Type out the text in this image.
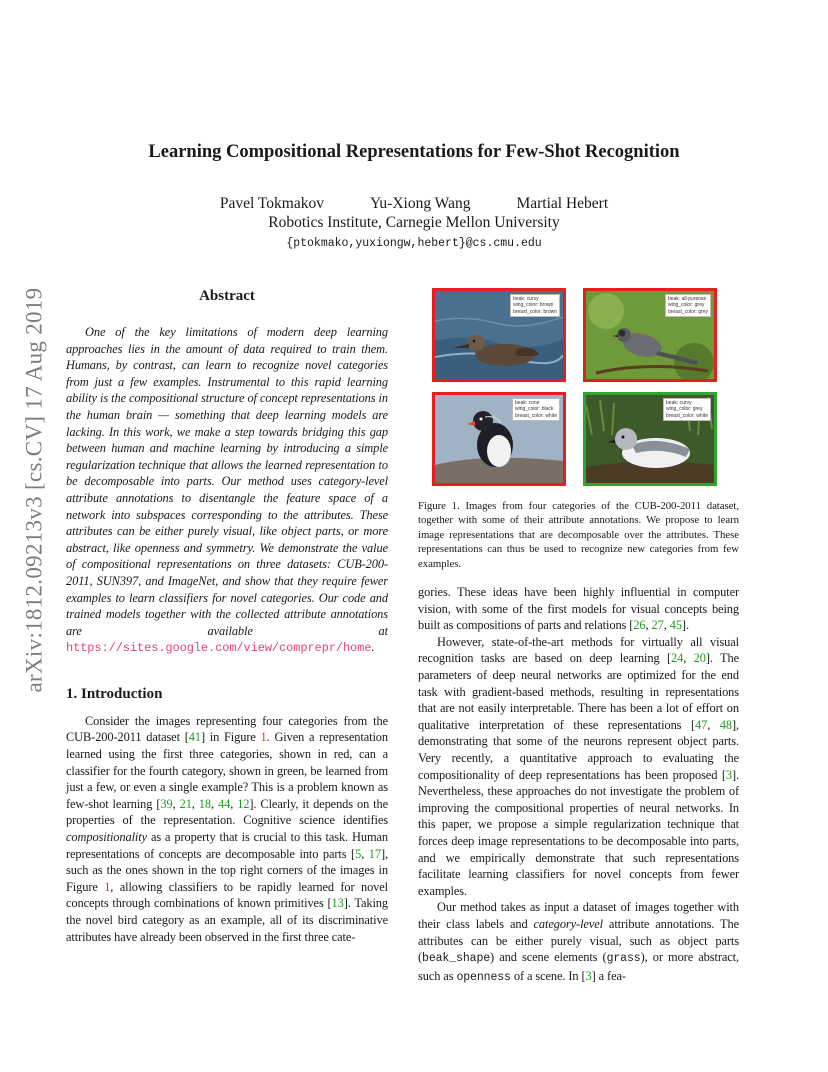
arXiv:1812.09213v3 [cs.CV] 17 Aug 2019
Learning Compositional Representations for Few-Shot Recognition
Pavel Tokmakov	Yu-Xiong Wang	Martial Hebert
Robotics Institute, Carnegie Mellon University
{ptokmako,yuxiongw,hebert}@cs.cmu.edu
Abstract

One of the key limitations of modern deep learning approaches lies in the amount of data required to train them. Humans, by contrast, can learn to recognize novel categories from just a few examples. Instrumental to this rapid learning ability is the compositional structure of concept representations in the human brain — something that deep learning models are lacking. In this work, we make a step towards bridging this gap between human and machine learning by introducing a simple regularization technique that allows the learned representation to be decomposable into parts. Our method uses category-level attribute annotations to disentangle the feature space of a network into subspaces corresponding to the attributes. These attributes can be either purely visual, like object parts, or more abstract, like openness and symmetry. We demonstrate the value of compositional representations on three datasets: CUB-200-2011, SUN397, and ImageNet, and show that they require fewer examples to learn classifiers for novel categories. Our code and trained models together with the collected attribute annotations are available at https://sites.google.com/view/comprepr/home.

1. Introduction

Consider the images representing four categories from the CUB-200-2011 dataset [41] in Figure 1. Given a representation learned using the first three categories, shown in red, can a classifier for the fourth category, shown in green, be learned from just a few, or even a single example? This is a problem known as few-shot learning [39, 21, 18, 44, 12]. Clearly, it depends on the properties of the representation. Cognitive science identifies compositionality as a property that is crucial to this task. Human representations of concepts are decomposable into parts [5, 17], such as the ones shown in the top right corners of the images in Figure 1, allowing classifiers to be rapidly learned for novel concepts through combinations of known primitives [13]. Taking the novel bird category as an example, all of its discriminative attributes have already been observed in the first three cate-

beak: curvy
wing_color: brown
breast_color: brown
beak: all-purpose
wing_color: grey
breast_color: grey
beak: cone
wing_color: black
breast_color: white
beak: curvy
wing_color: grey
breast_color: white

Figure 1. Images from four categories of the CUB-200-2011 dataset, together with some of their attribute annotations. We propose to learn image representations that are decomposable over the attributes. These representations can thus be used to recognize new categories from few examples.

gories. These ideas have been highly influential in computer vision, with some of the first models for visual concepts being built as compositions of parts and relations [26, 27, 45].

However, state-of-the-art methods for virtually all visual recognition tasks are based on deep learning [24, 20]. The parameters of deep neural networks are optimized for the end task with gradient-based methods, resulting in representations that are not easily interpretable. There has been a lot of effort on qualitative interpretation of these representations [47, 48], demonstrating that some of the neurons represent object parts. Very recently, a quantitative approach to evaluating the compositionality of deep representations has been proposed [3]. Nevertheless, these approaches do not investigate the problem of improving the compositional properties of neural networks. In this paper, we propose a simple regularization technique that forces deep image representations to be decomposable into parts, and we empirically demonstrate that such representations facilitate learning classifiers for novel concepts from fewer examples.

Our method takes as input a dataset of images together with their class labels and category-level attribute annotations. The attributes can be either purely visual, such as object parts (beak_shape) and scene elements (grass), or more abstract, such as openness of a scene. In [3] a fea-
